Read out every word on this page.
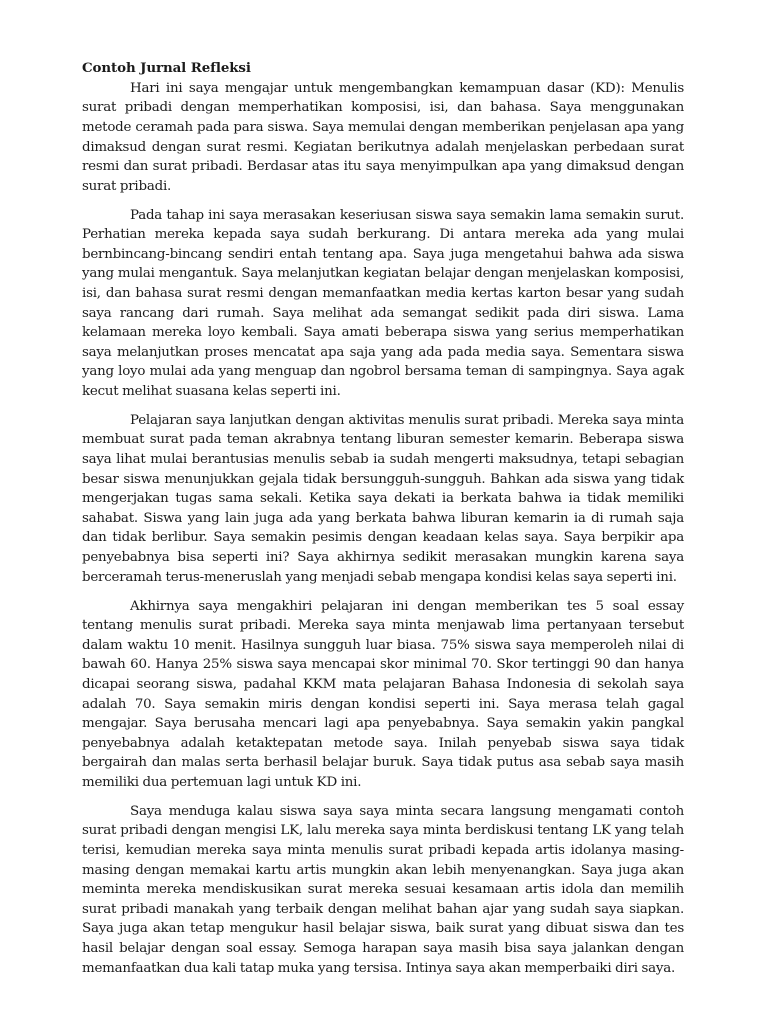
Contoh Jurnal Refleksi

Hari ini saya mengajar untuk mengembangkan kemampuan dasar (KD): Menulis surat pribadi dengan memperhatikan komposisi, isi, dan bahasa. Saya menggunakan metode ceramah pada para siswa. Saya memulai dengan memberikan penjelasan apa yang dimaksud dengan surat resmi. Kegiatan berikutnya adalah menjelaskan perbedaan surat resmi dan surat pribadi. Berdasar atas itu saya menyimpulkan apa yang dimaksud dengan surat pribadi.

Pada tahap ini saya merasakan keseriusan siswa saya semakin lama semakin surut. Perhatian mereka kepada saya sudah berkurang. Di antara mereka ada yang mulai bernbincang-bincang sendiri entah tentang apa. Saya juga mengetahui bahwa ada siswa yang mulai mengantuk. Saya melanjutkan kegiatan belajar dengan menjelaskan komposisi, isi, dan bahasa surat resmi dengan memanfaatkan media kertas karton besar yang sudah saya rancang dari rumah. Saya melihat ada semangat sedikit pada diri siswa. Lama kelamaan mereka loyo kembali. Saya amati beberapa siswa yang serius memperhatikan saya melanjutkan proses mencatat apa saja yang ada pada media saya. Sementara siswa yang loyo mulai ada yang menguap dan ngobrol bersama teman di sampingnya. Saya agak kecut melihat suasana kelas seperti ini.

Pelajaran saya lanjutkan dengan aktivitas menulis surat pribadi. Mereka saya minta membuat surat pada teman akrabnya tentang liburan semester kemarin. Beberapa siswa saya lihat mulai berantusias menulis sebab ia sudah mengerti maksudnya, tetapi sebagian besar siswa menunjukkan gejala tidak bersungguh-sungguh. Bahkan ada siswa yang tidak mengerjakan tugas sama sekali. Ketika saya dekati ia berkata bahwa ia tidak memiliki sahabat. Siswa yang lain juga ada yang berkata bahwa liburan kemarin ia di rumah saja dan tidak berlibur. Saya semakin pesimis dengan keadaan kelas saya. Saya berpikir apa penyebabnya bisa seperti ini? Saya akhirnya sedikit merasakan mungkin karena saya berceramah terus-meneruslah yang menjadi sebab mengapa kondisi kelas saya seperti ini.

Akhirnya saya mengakhiri pelajaran ini dengan memberikan tes 5 soal essay tentang menulis surat pribadi. Mereka saya minta menjawab lima pertanyaan tersebut dalam waktu 10 menit. Hasilnya sungguh luar biasa. 75% siswa saya memperoleh nilai di bawah 60. Hanya 25% siswa saya mencapai skor minimal 70. Skor tertinggi 90 dan hanya dicapai seorang siswa, padahal KKM mata pelajaran Bahasa Indonesia di sekolah saya adalah 70. Saya semakin miris dengan kondisi seperti ini. Saya merasa telah gagal mengajar. Saya berusaha mencari lagi apa penyebabnya. Saya semakin yakin pangkal penyebabnya adalah ketaktepatan metode saya. Inilah penyebab siswa saya tidak bergairah dan malas serta berhasil belajar buruk. Saya tidak putus asa sebab saya masih memiliki dua pertemuan lagi untuk KD ini.

Saya menduga kalau siswa saya saya minta secara langsung mengamati contoh surat pribadi dengan mengisi LK, lalu mereka saya minta berdiskusi tentang LK yang telah terisi, kemudian mereka saya minta menulis surat pribadi kepada artis idolanya masing-masing dengan memakai kartu artis mungkin akan lebih menyenangkan. Saya juga akan meminta mereka mendiskusikan surat mereka sesuai kesamaan artis idola dan memilih surat pribadi manakah yang terbaik dengan melihat bahan ajar yang sudah saya siapkan. Saya juga akan tetap mengukur hasil belajar siswa, baik surat yang dibuat siswa dan tes hasil belajar dengan soal essay. Semoga harapan saya masih bisa saya jalankan dengan memanfaatkan dua kali tatap muka yang tersisa. Intinya saya akan memperbaiki diri saya.
